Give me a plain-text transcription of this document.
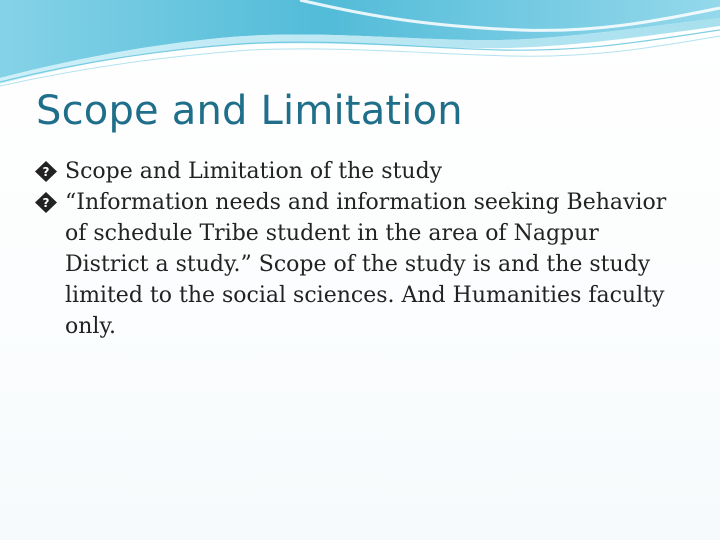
Scope and Limitation
? Scope and Limitation of the study
? “Information needs and information seeking Behavior of schedule Tribe student in the area of Nagpur District a study.” Scope of the study is and the study limited to the social sciences. And Humanities faculty only.
